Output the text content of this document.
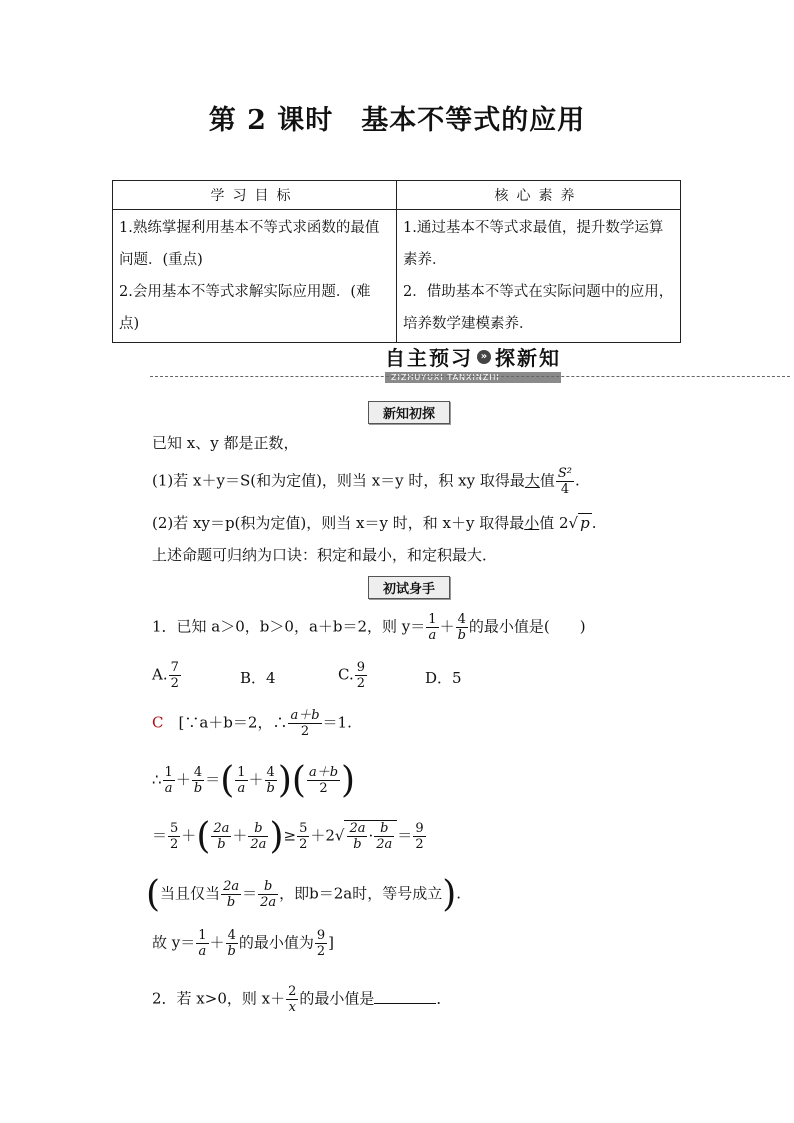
第 2 课时　基本不等式的应用
学习目标	核心素养
1.熟练掌握利用基本不等式求函数的最值问题．(重点)	1.通过基本不等式求最值，提升数学运算素养．
2.会用基本不等式求解实际应用题．(难点)	2．借助基本不等式在实际问题中的应用，培养数学建模素养．
自主预习 » 探新知
ZIZHUYUXI TANXINZHI
新知初探
已知 x、y 都是正数，
(1)若 x＋y＝S(和为定值)，则当 x＝y 时，积 xy 取得最大值 $\frac{\text{S²}}{4}$ .
(2)若 xy＝p(积为定值)，则当 x＝y 时，和 x＋y 取得最小值 2√ p .
上述命题可归纳为口诀：积定和最小，和定积最大．
初试身手
1．已知 a＞0，b＞0，a＋b＝2，则 $y= \frac{1}{a} + \frac{4}{b}$ 的最小值是(　　)
A. $\frac{7}{2}$	B．4	C. $\frac{9}{2}$	D．5
C　 [∵a＋b＝2，∴ $\frac{a+b}{2} =1$.
∴ $\frac{1}{a} + \frac{4}{b}$ ＝( $\frac{1}{a} + \frac{4}{b}$ )( $\frac{a+b}{2}$ )
＝ $\frac{5}{2}$ ＋( $\frac{2a}{b} + \frac{b}{2a}$ )≥ $\frac{5}{2} +2√ \frac{2a}{b} \cdot \frac{b}{2a} = \frac{9}{2}$
(当且仅当 $\frac{2a}{b} = \frac{b}{2a}$ ，即b＝2a时，等号成立).
故 $y= \frac{1}{a} + \frac{4}{b}$ 的最小值为 $\frac{9}{2}$ ]
2．若 x>0，则 $x+ \frac{2}{x}$ 的最小值是	．
